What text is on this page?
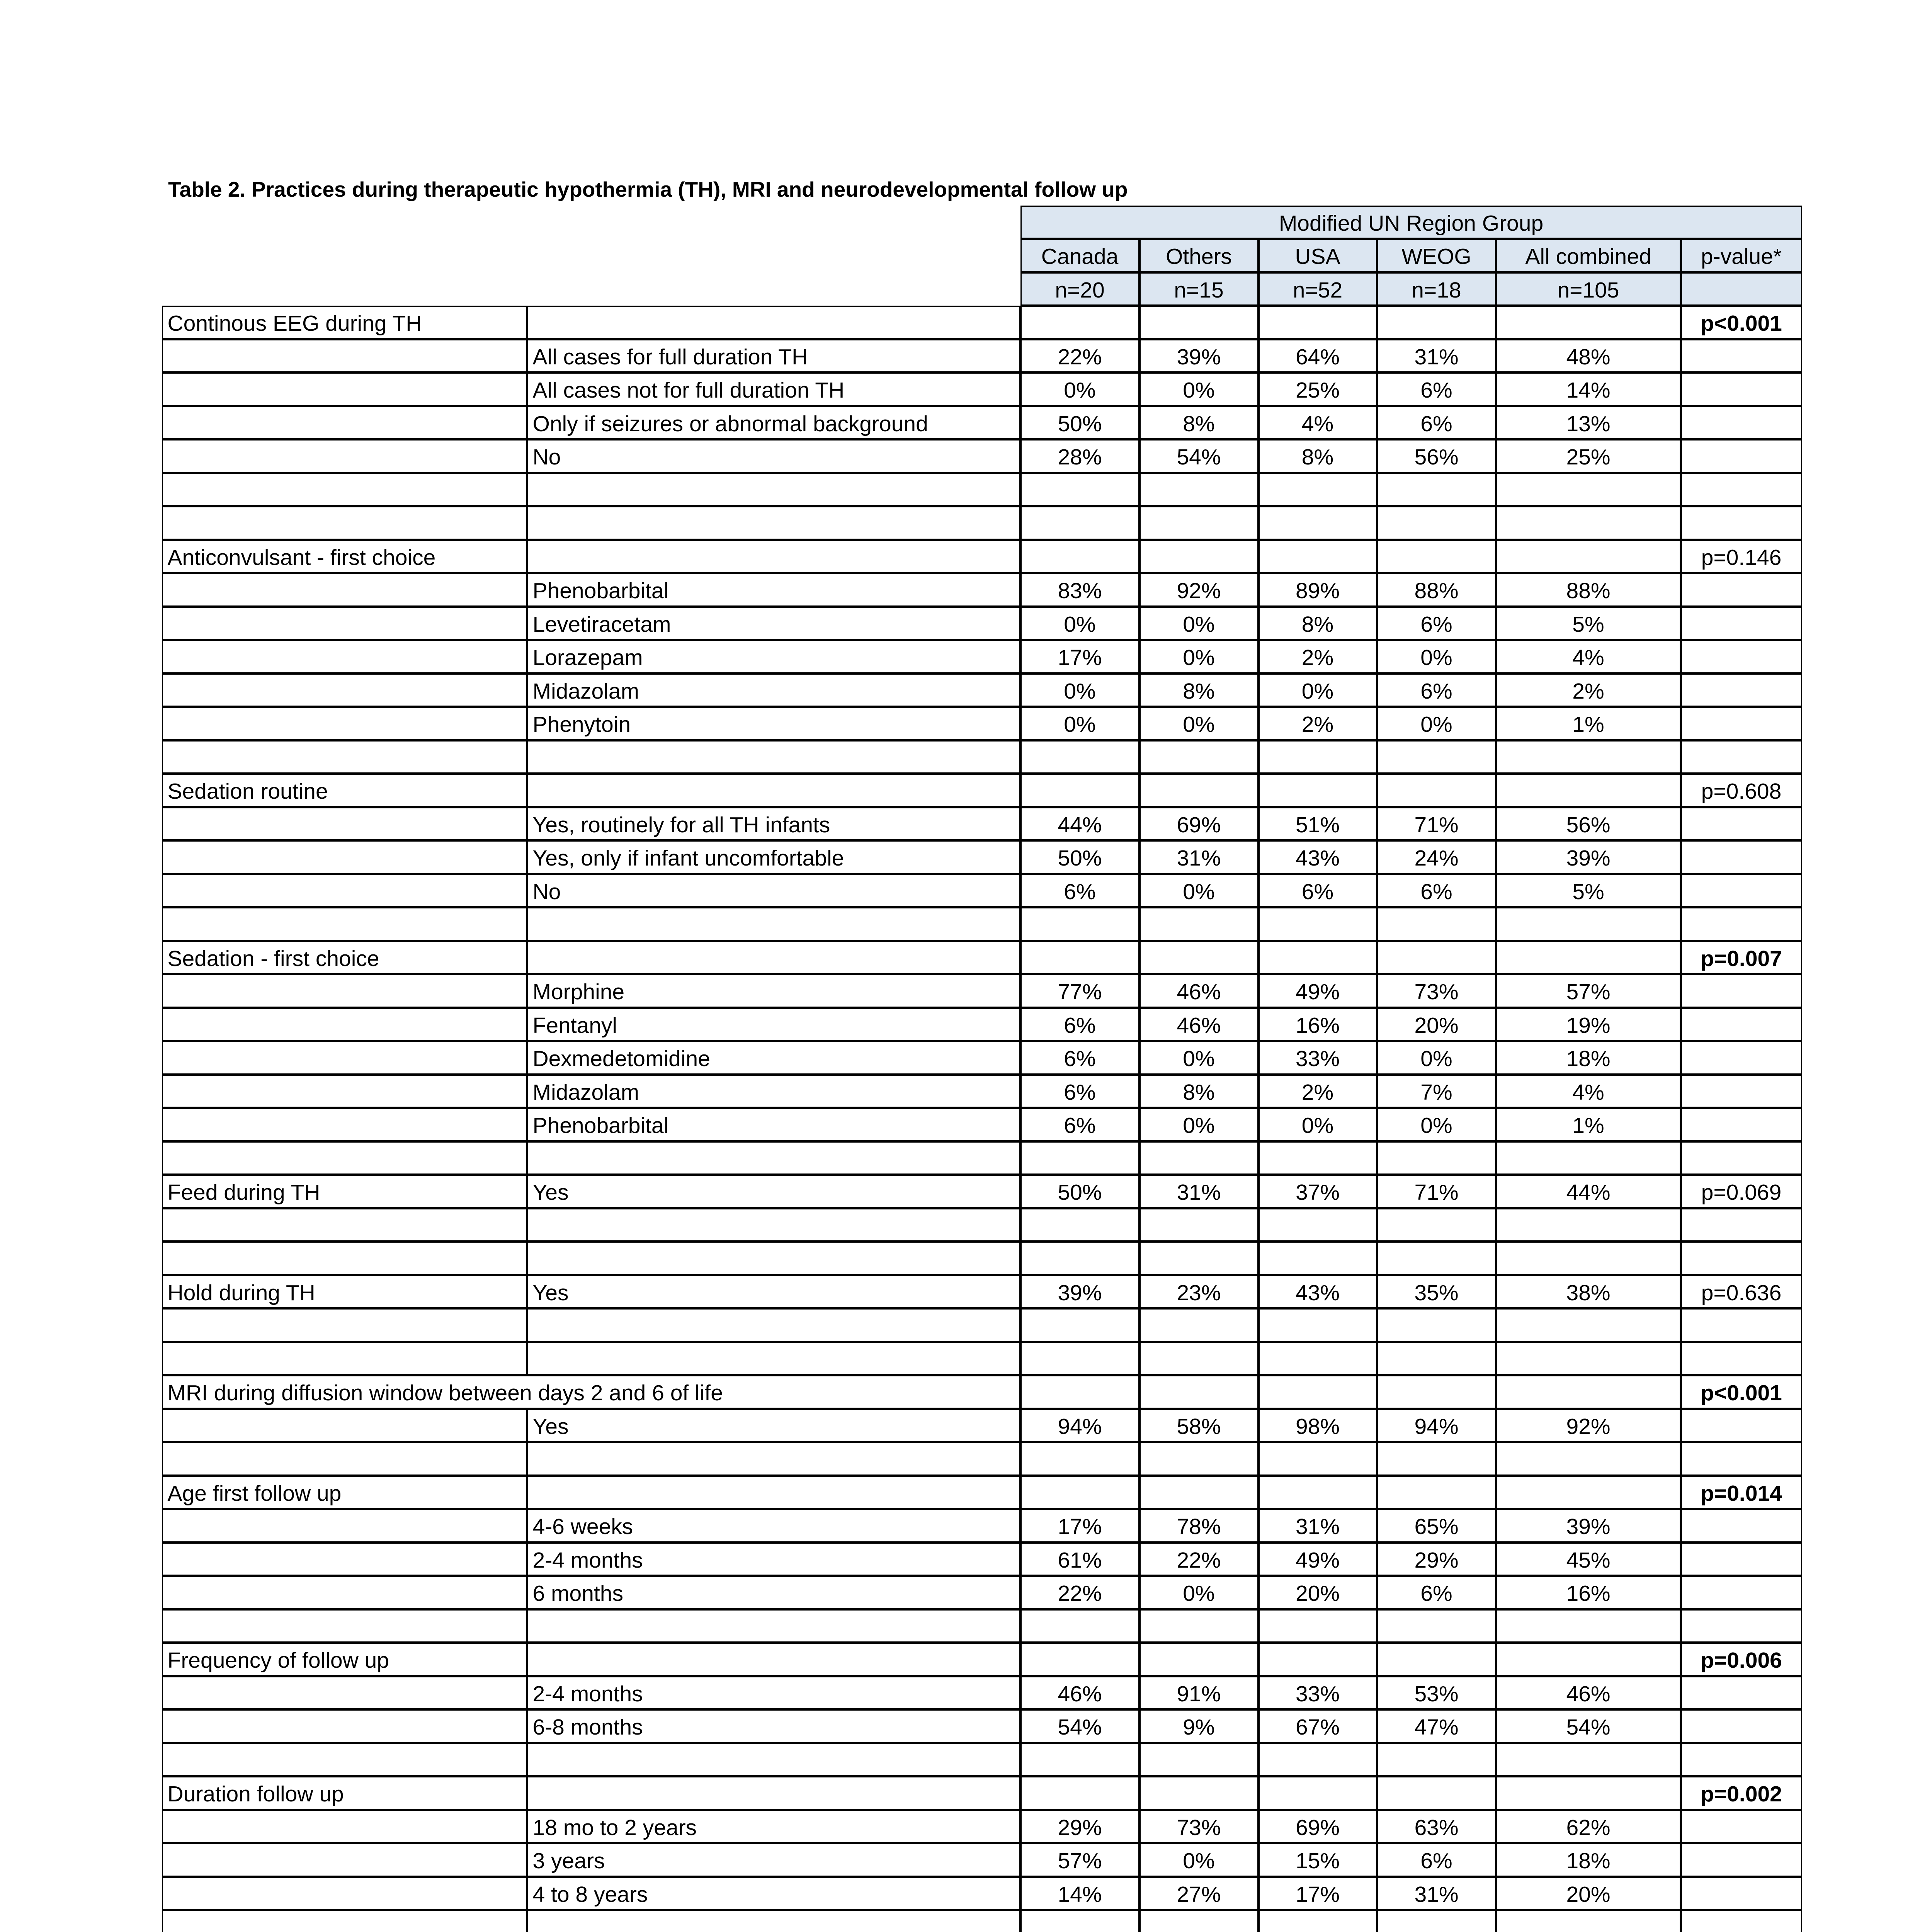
Table 2. Practices during therapeutic hypothermia (TH), MRI and neurodevelopmental follow up
Modified UN Region Group
Canada	Others	USA	WEOG	All combined	p-value*
n=20	n=15	n=52	n=18	n=105
Continous EEG during TH	p<0.001
All cases for full duration TH	22%	39%	64%	31%	48%
All cases not for full duration TH	0%	0%	25%	6%	14%
Only if seizures or abnormal background	50%	8%	4%	6%	13%
No	28%	54%	8%	56%	25%
Anticonvulsant - first choice	p=0.146
Phenobarbital	83%	92%	89%	88%	88%
Levetiracetam	0%	0%	8%	6%	5%
Lorazepam	17%	0%	2%	0%	4%
Midazolam	0%	8%	0%	6%	2%
Phenytoin	0%	0%	2%	0%	1%
Sedation routine	p=0.608
Yes, routinely for all TH infants	44%	69%	51%	71%	56%
Yes, only if infant uncomfortable	50%	31%	43%	24%	39%
No	6%	0%	6%	6%	5%
Sedation - first choice	p=0.007
Morphine	77%	46%	49%	73%	57%
Fentanyl	6%	46%	16%	20%	19%
Dexmedetomidine	6%	0%	33%	0%	18%
Midazolam	6%	8%	2%	7%	4%
Phenobarbital	6%	0%	0%	0%	1%
Feed during TH	Yes	50%	31%	37%	71%	44%	p=0.069
Hold during TH	Yes	39%	23%	43%	35%	38%	p=0.636
MRI during diffusion window between days 2 and 6 of life	p<0.001
Yes	94%	58%	98%	94%	92%
Age first follow up	p=0.014
4-6 weeks	17%	78%	31%	65%	39%
2-4 months	61%	22%	49%	29%	45%
6 months	22%	0%	20%	6%	16%
Frequency of follow up	p=0.006
2-4 months	46%	91%	33%	53%	46%
6-8 months	54%	9%	67%	47%	54%
Duration follow up	p=0.002
18 mo to 2 years	29%	73%	69%	63%	62%
3 years	57%	0%	15%	6%	18%
4 to 8 years	14%	27%	17%	31%	20%
